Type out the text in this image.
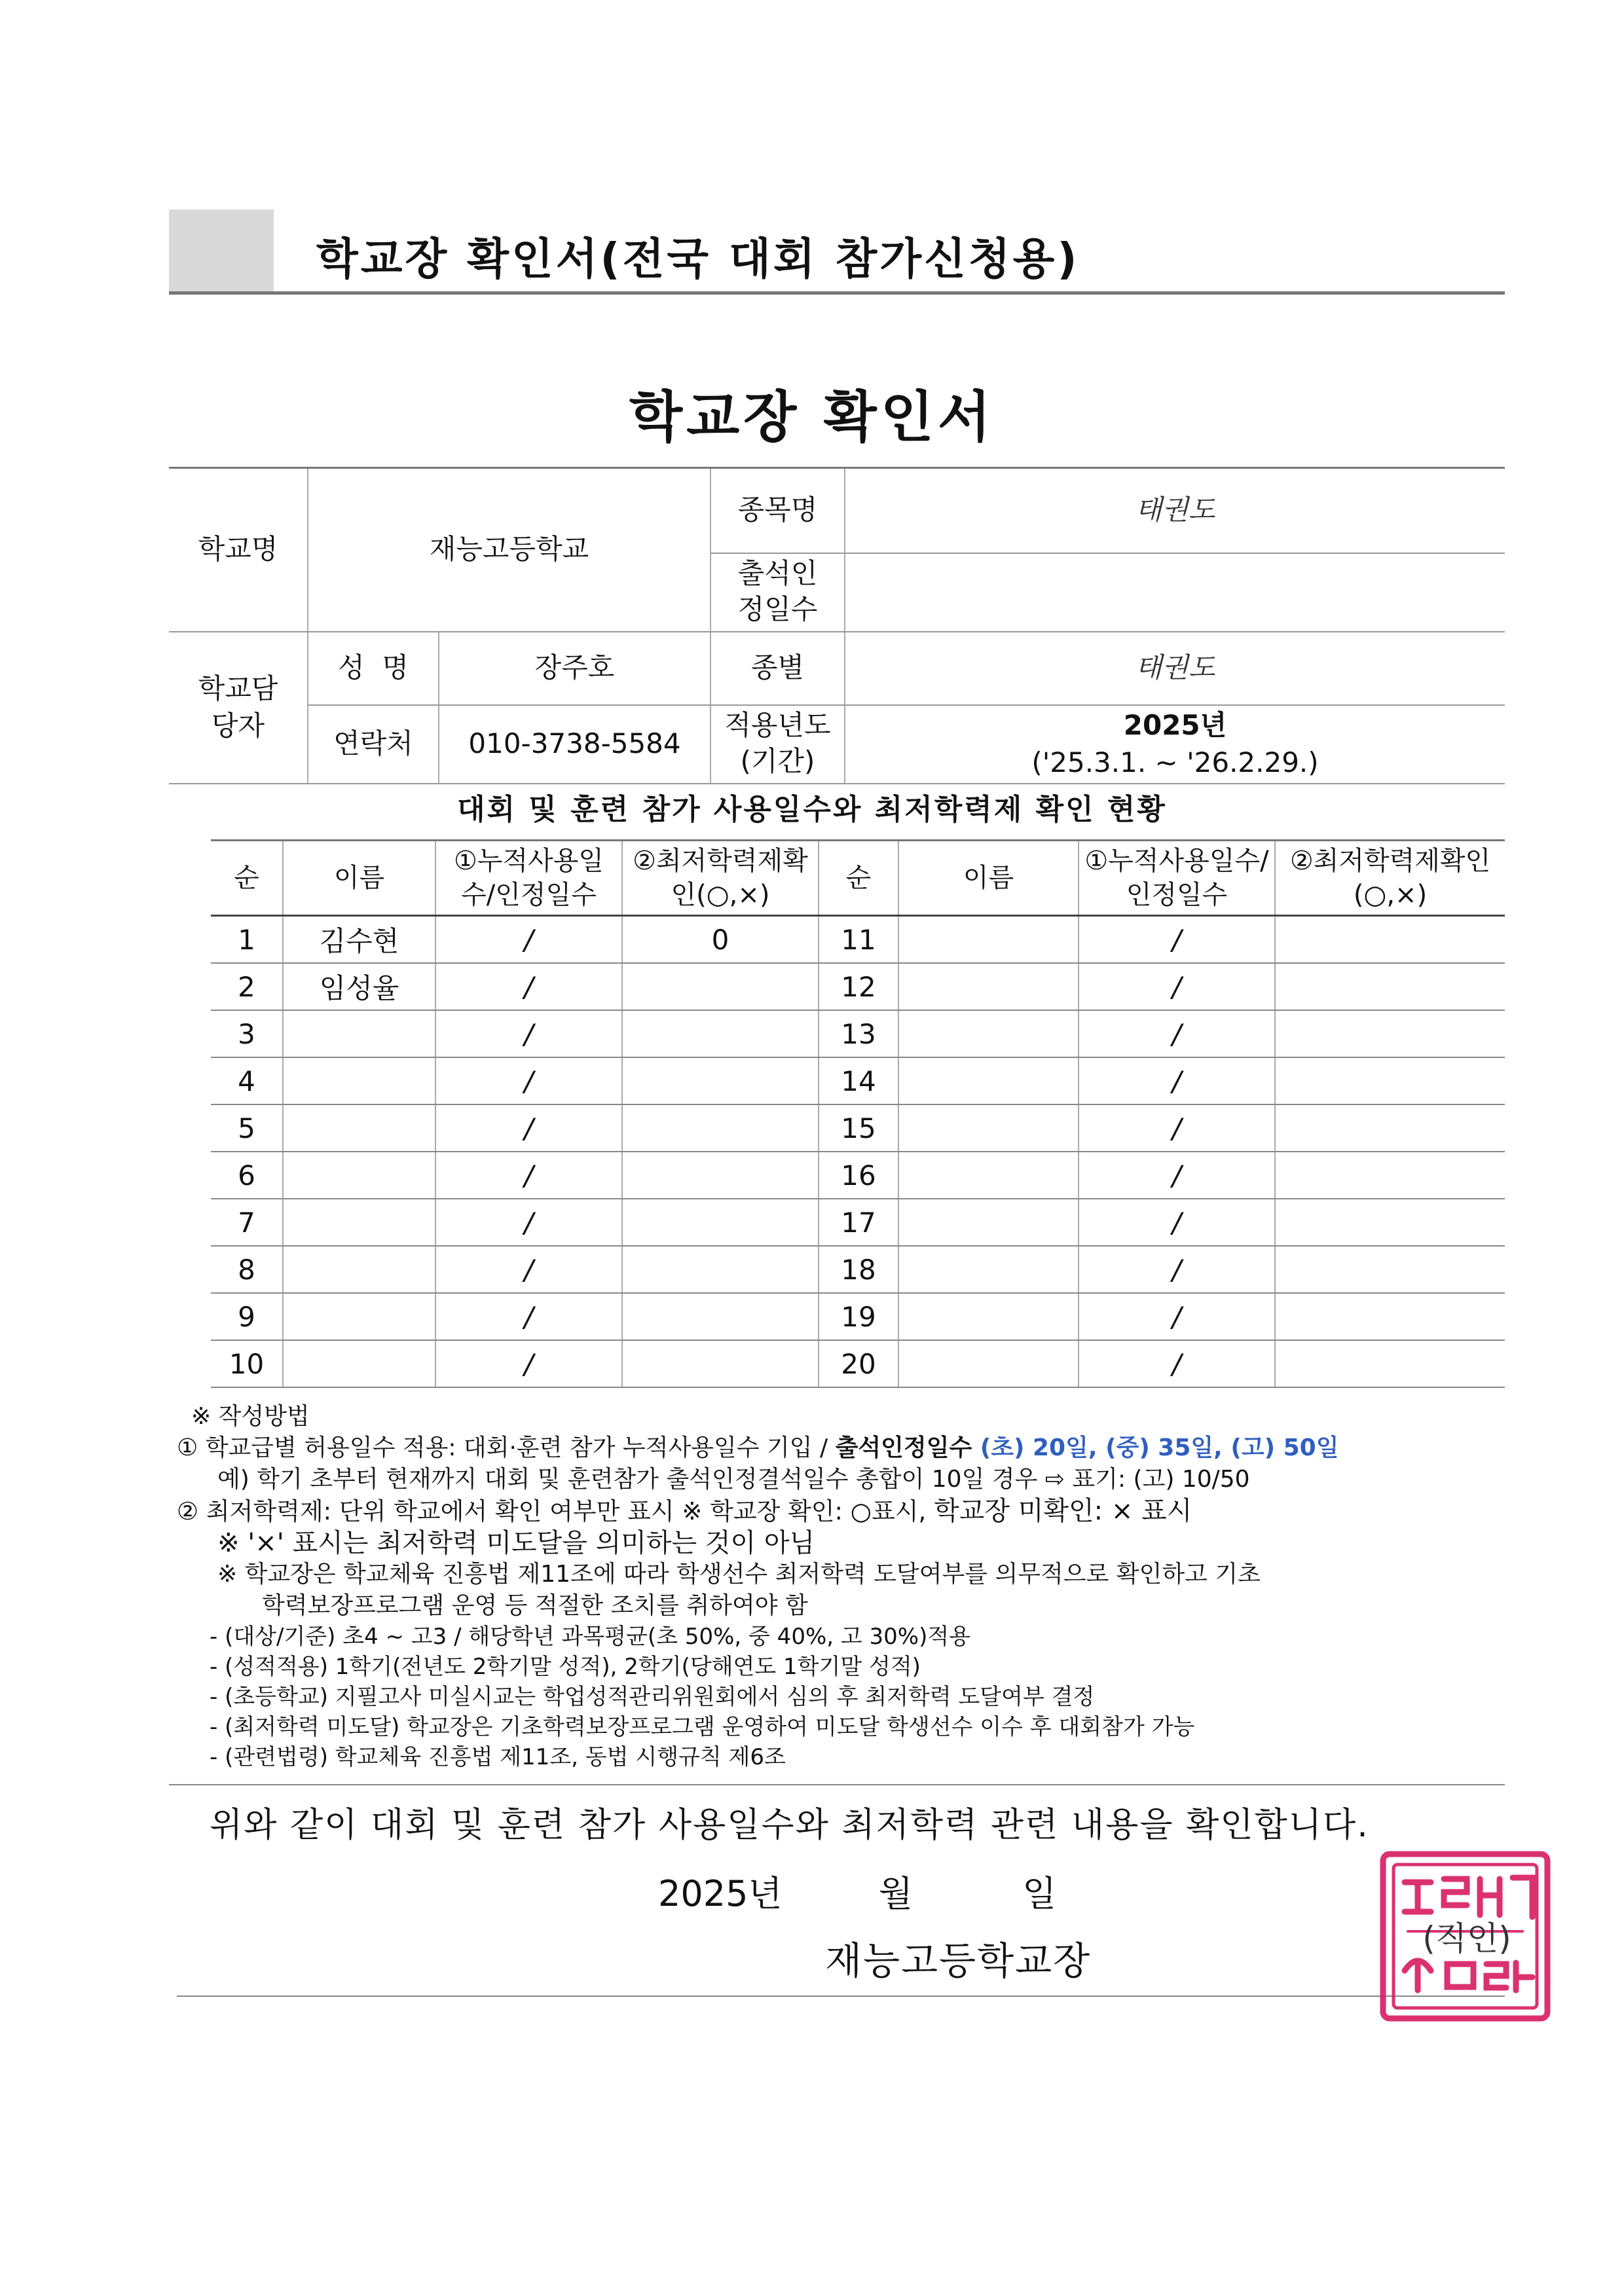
학교장 확인서(전국 대회 참가신청용)
학교장 확인서
학교명	재능고등학교		종목명	태권도
			출석인정일수	
학교담당자	성  명	장주호	종별	태권도
	연락처	010-3738-5584	적용년도(기간)	2025년
('25.3.1. ~ '26.2.29.)
대회 및 훈련 참가 사용일수와 최저학력제 확인 현황
순	이름	①누적사용일수/인정일수	②최저학력제확인(○,×)	순	이름	①누적사용일수/인정일수	②최저학력제확인(○,×)
1	김수현	/	0	11		/	
2	임성율	/		12		/	
3		/		13		/	
4		/		14		/	
5		/		15		/	
6		/		16		/	
7		/		17		/	
8		/		18		/	
9		/		19		/	
10		/		20		/	
※ 작성방법
① 학교급별 허용일수 적용: 대회·훈련 참가 누적사용일수 기입 / 출석인정일수 (초) 20일, (중) 35일, (고) 50일
예) 학기 초부터 현재까지 대회 및 훈련참가 출석인정결석일수 총합이 10일 경우 ⇨ 표기: (고) 10/50
② 최저학력제: 단위 학교에서 확인 여부만 표시 ※ 학교장 확인: ○표시, 학교장 미확인: × 표시
※ '×' 표시는 최저학력 미도달을 의미하는 것이 아님
※ 학교장은 학교체육 진흥법 제11조에 따라 학생선수 최저학력 도달여부를 의무적으로 확인하고 기초
학력보장프로그램 운영 등 적절한 조치를 취하여야 함
- (대상/기준) 초4 ~ 고3 / 해당학년 과목평균(초 50%, 중 40%, 고 30%)적용
- (성적적용) 1학기(전년도 2학기말 성적), 2학기(당해연도 1학기말 성적)
- (초등학교) 지필고사 미실시교는 학업성적관리위원회에서 심의 후 최저학력 도달여부 결정
- (최저학력 미도달) 학교장은 기초학력보장프로그램 운영하여 미도달 학생선수 이수 후 대회참가 가능
- (관련법령) 학교체육 진흥법 제11조, 동법 시행규칙 제6조
위와 같이 대회 및 훈련 참가 사용일수와 최저학력 관련 내용을 확인합니다.
2025년	월	일
재능고등학교장	(직인)
